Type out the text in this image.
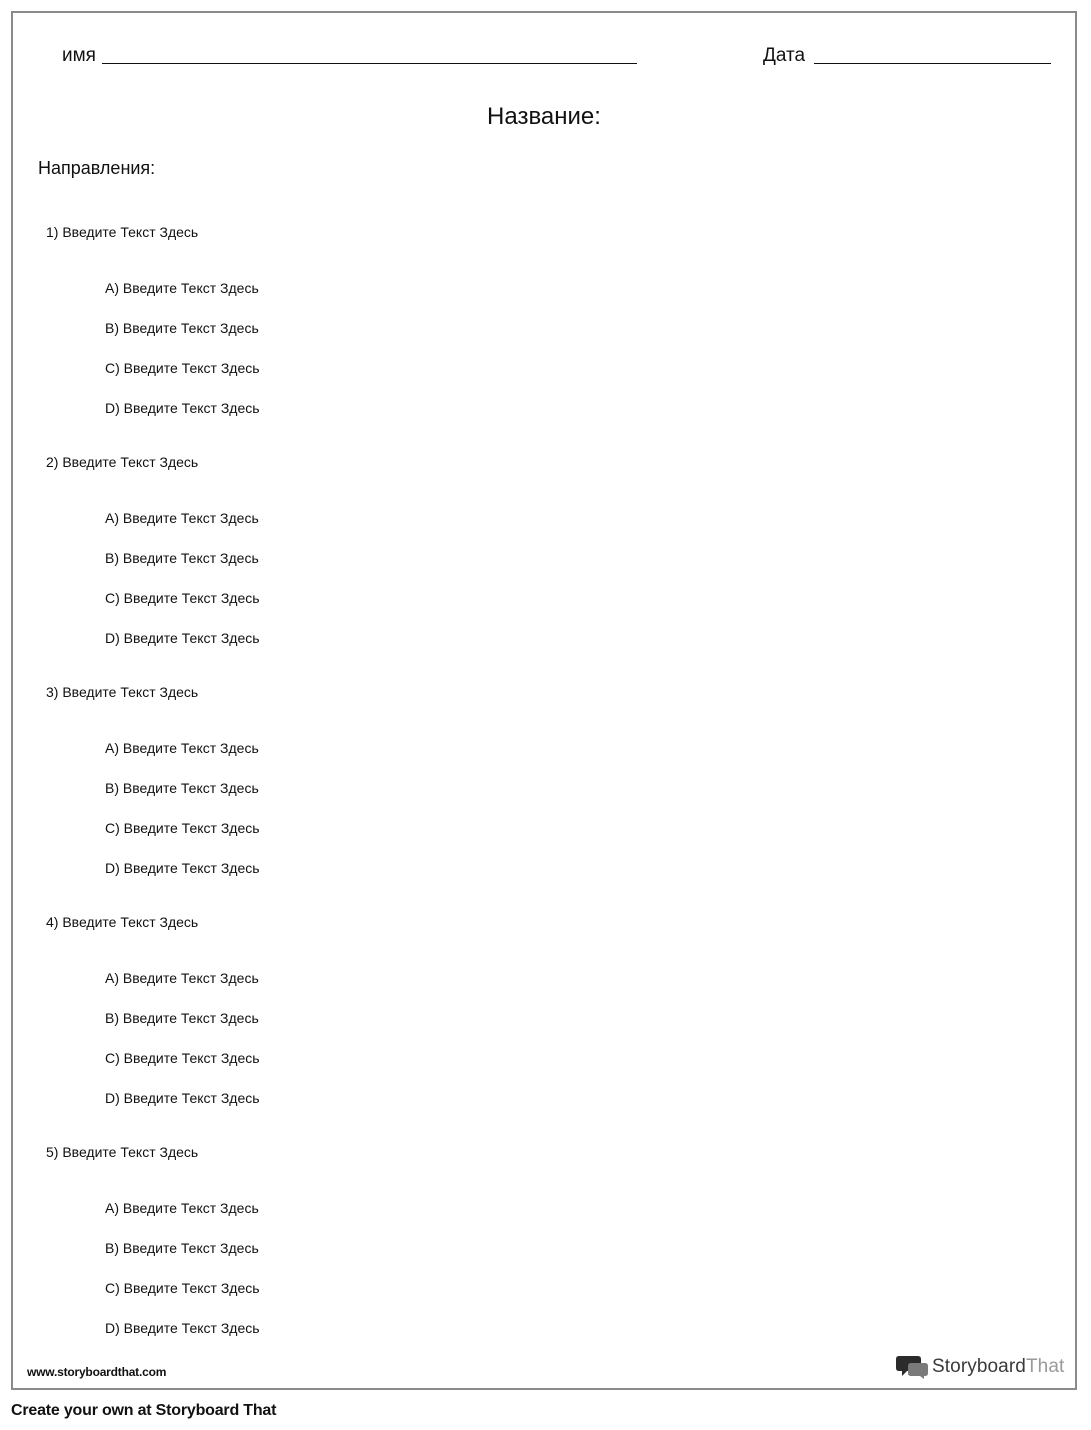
имя	Дата
Название:
Направления:
1) Введите Текст Здесь
A) Введите Текст Здесь
B) Введите Текст Здесь
C) Введите Текст Здесь
D) Введите Текст Здесь
2) Введите Текст Здесь
A) Введите Текст Здесь
B) Введите Текст Здесь
C) Введите Текст Здесь
D) Введите Текст Здесь
3) Введите Текст Здесь
A) Введите Текст Здесь
B) Введите Текст Здесь
C) Введите Текст Здесь
D) Введите Текст Здесь
4) Введите Текст Здесь
A) Введите Текст Здесь
B) Введите Текст Здесь
C) Введите Текст Здесь
D) Введите Текст Здесь
5) Введите Текст Здесь
A) Введите Текст Здесь
B) Введите Текст Здесь
C) Введите Текст Здесь
D) Введите Текст Здесь
www.storyboardthat.com	StoryboardThat
Create your own at Storyboard That
